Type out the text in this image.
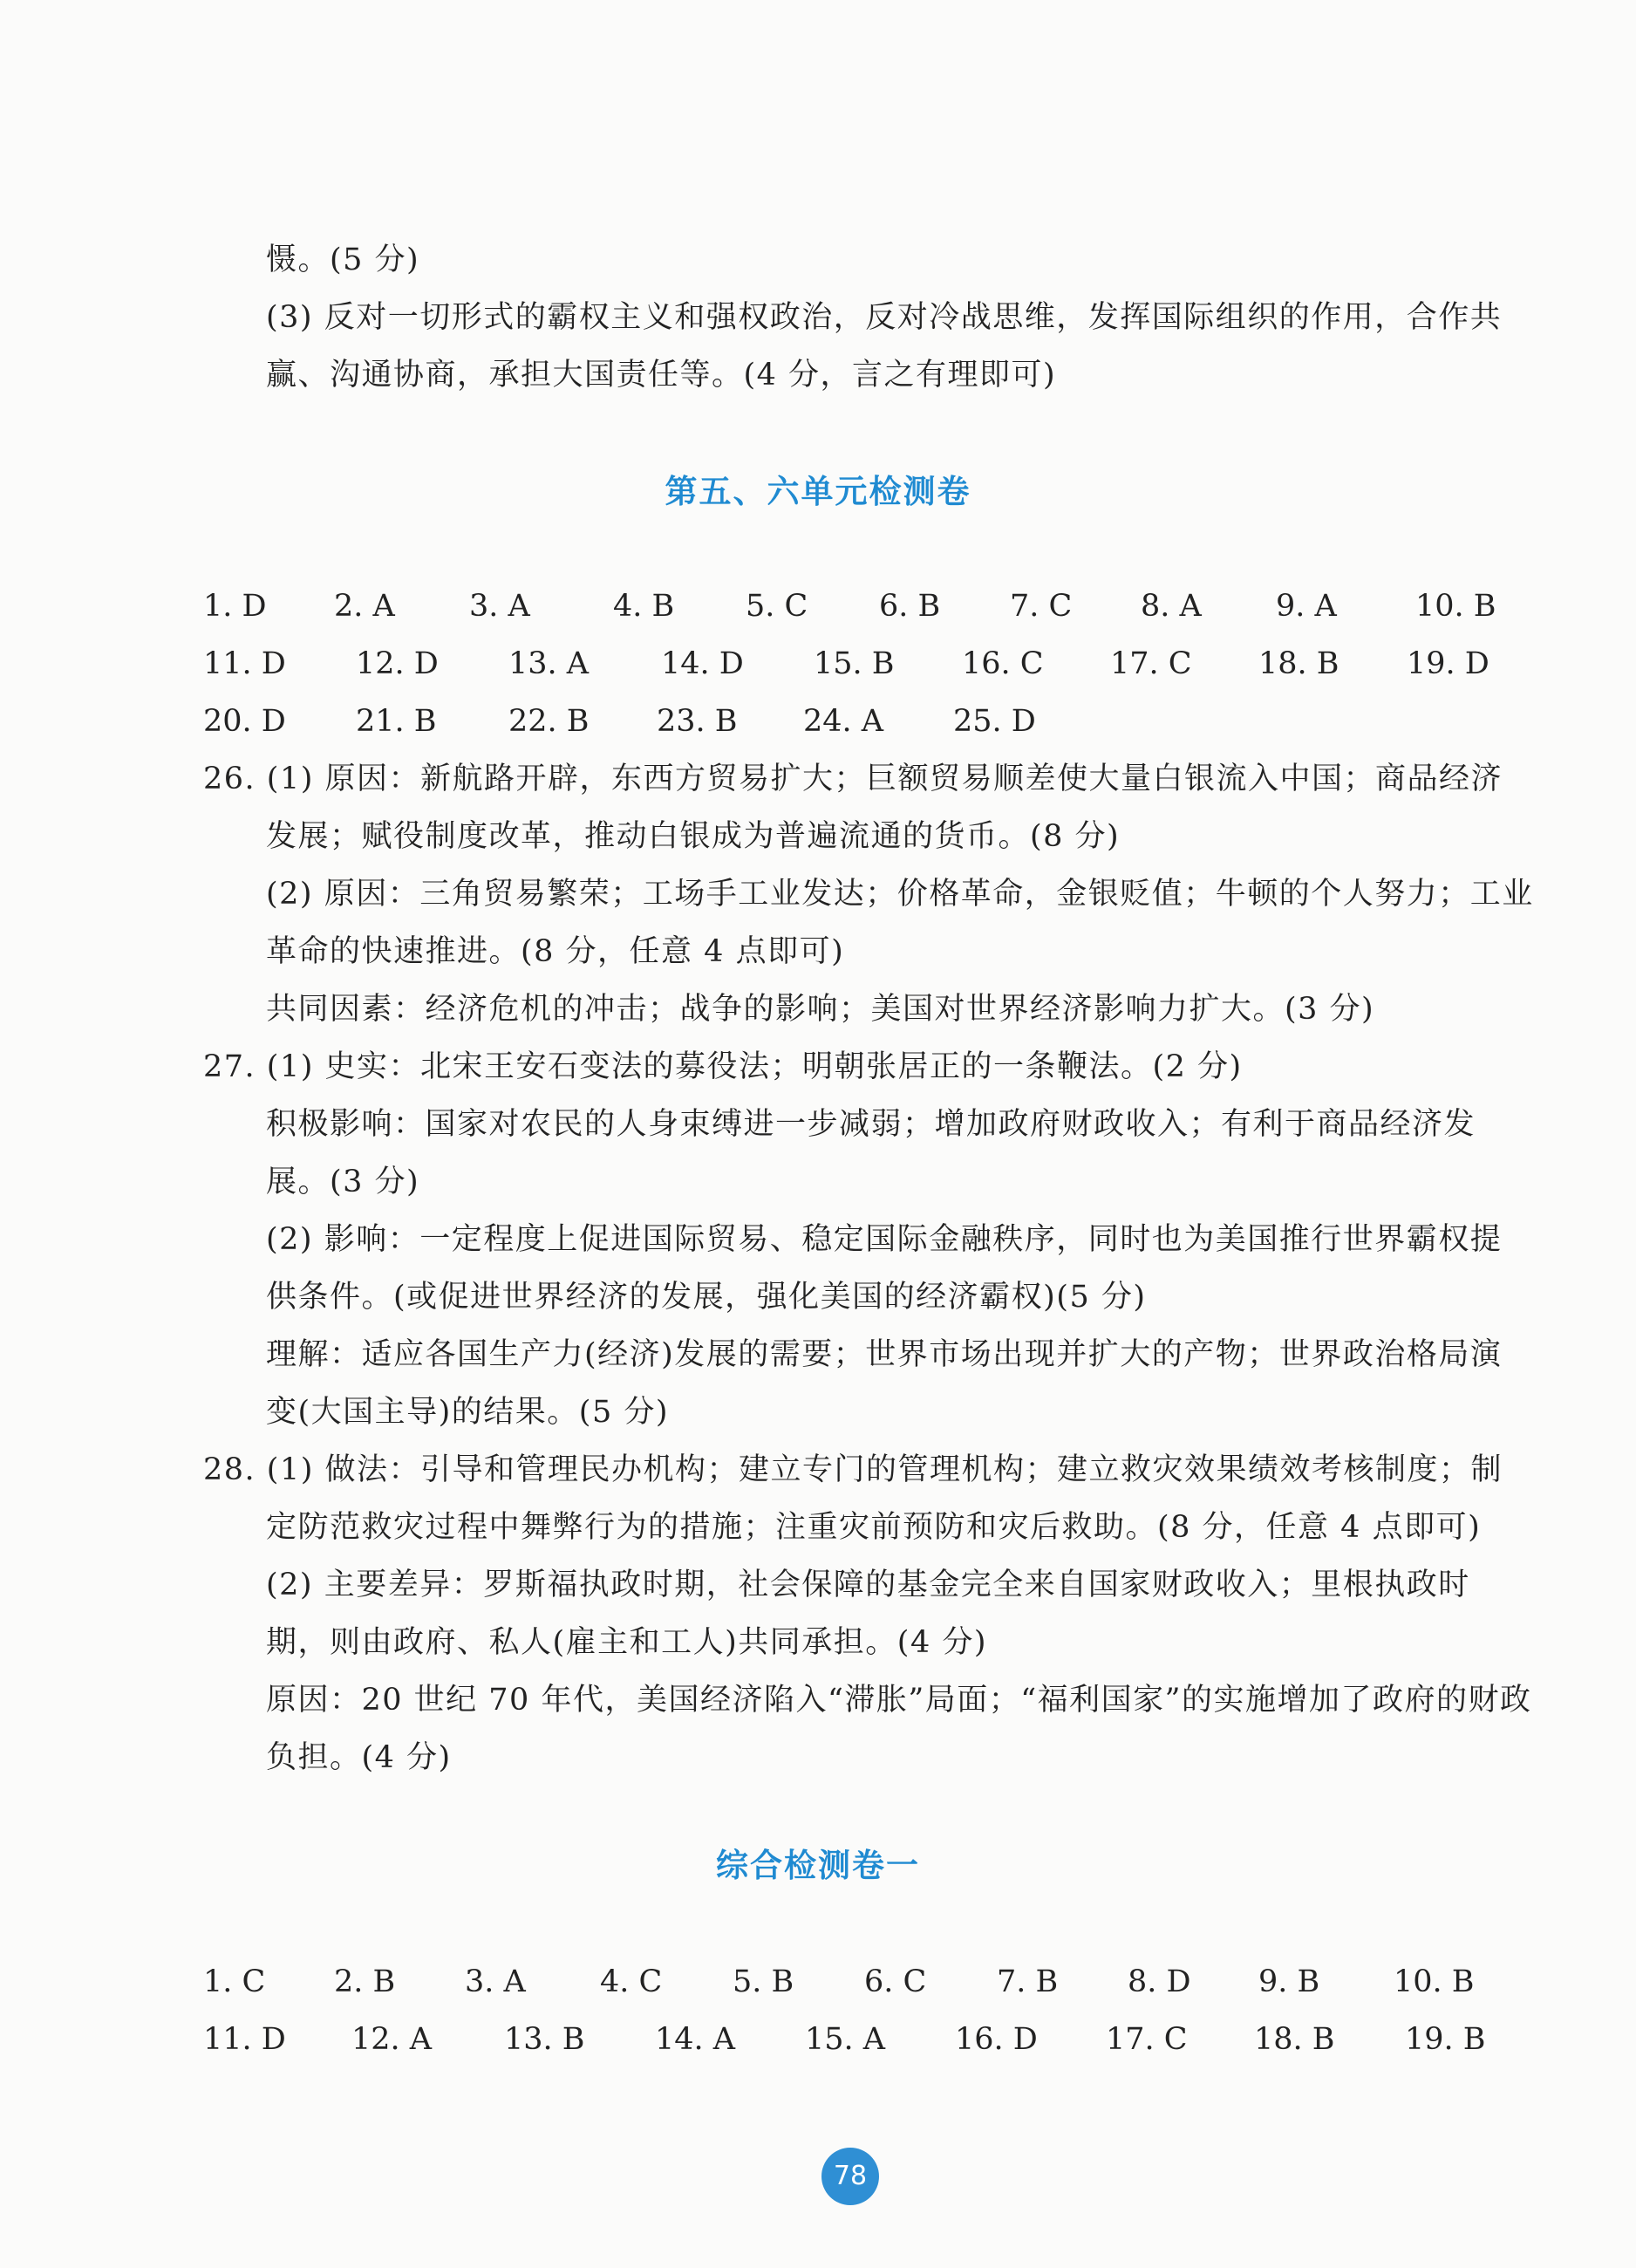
慑。(5 分)
(3) 反对一切形式的霸权主义和强权政治，反对冷战思维，发挥国际组织的作用，合作共
赢、沟通协商，承担大国责任等。(4 分，言之有理即可)
第五、六单元检测卷
1. D 2. A 3. A	4. B 5. C 6. B 7. C 8. A 9. A	10. B
11. D 12. D 13. A 14. D 15. B 16. C 17. C 18. B 19. D
20. D 21. B 22. B 23. B 24. A 25. D
26. (1) 原因：新航路开辟，东西方贸易扩大；巨额贸易顺差使大量白银流入中国；商品经济
发展；赋役制度改革，推动白银成为普遍流通的货币。(8 分)
(2) 原因：三角贸易繁荣；工场手工业发达；价格革命，金银贬值；牛顿的个人努力；工业
革命的快速推进。(8 分，任意 4 点即可)
共同因素：经济危机的冲击；战争的影响；美国对世界经济影响力扩大。(3 分)
27. (1) 史实：北宋王安石变法的募役法；明朝张居正的一条鞭法。(2 分)
积极影响：国家对农民的人身束缚进一步减弱；增加政府财政收入；有利于商品经济发
展。(3 分)
(2) 影响：一定程度上促进国际贸易、稳定国际金融秩序，同时也为美国推行世界霸权提
供条件。(或促进世界经济的发展，强化美国的经济霸权)(5 分)
理解：适应各国生产力(经济)发展的需要；世界市场出现并扩大的产物；世界政治格局演
变(大国主导)的结果。(5 分)
28. (1) 做法：引导和管理民办机构；建立专门的管理机构；建立救灾效果绩效考核制度；制
定防范救灾过程中舞弊行为的措施；注重灾前预防和灾后救助。(8 分，任意 4 点即可)
(2) 主要差异：罗斯福执政时期，社会保障的基金完全来自国家财政收入；里根执政时
期，则由政府、私人(雇主和工人)共同承担。(4 分)
原因：20 世纪 70 年代，美国经济陷入“滞胀”局面；“福利国家”的实施增加了政府的财政
负担。(4 分)
综合检测卷一
1. C 2. B 3. A 4. C 5. B 6. C 7. B 8. D 9. B 10. B
11. D 12. A 13. B 14. A 15. A 16. D 17. C 18. B 19. B
78
